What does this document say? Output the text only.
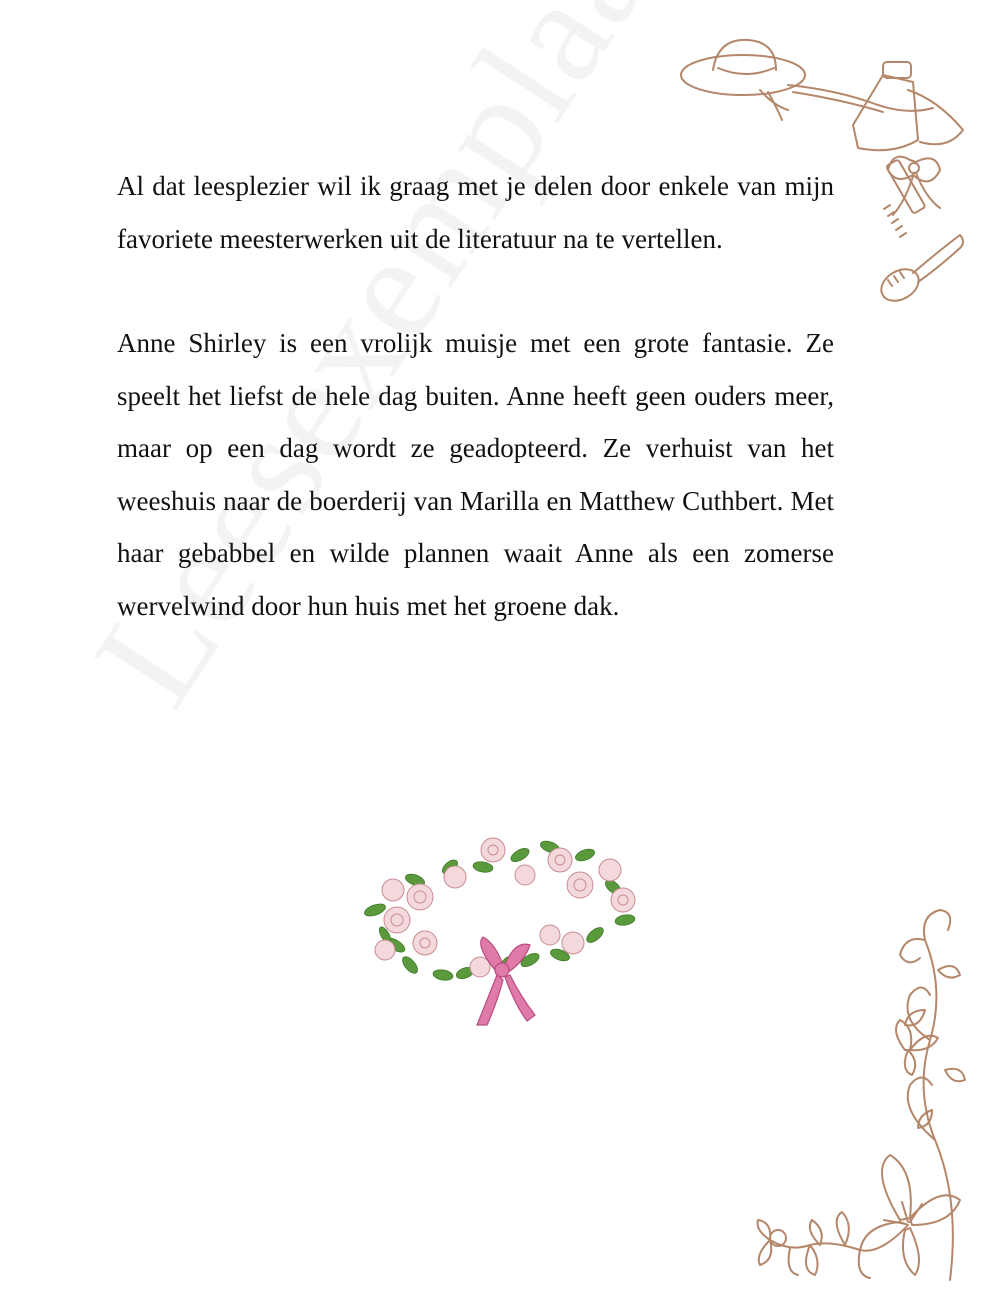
Al dat leesplezier wil ik graag met je delen door enkele van mijn favoriete meesterwerken uit de literatuur na te vertellen.

Anne Shirley is een vrolijk muisje met een grote fantasie. Ze speelt het liefst de hele dag buiten. Anne heeft geen ouders meer, maar op een dag wordt ze geadopteerd. Ze verhuist van het weeshuis naar de boerderij van Marilla en Matthew Cuthbert. Met haar gebabbel en wilde plannen waait Anne als een zomerse wervelwind door hun huis met het groene dak.
